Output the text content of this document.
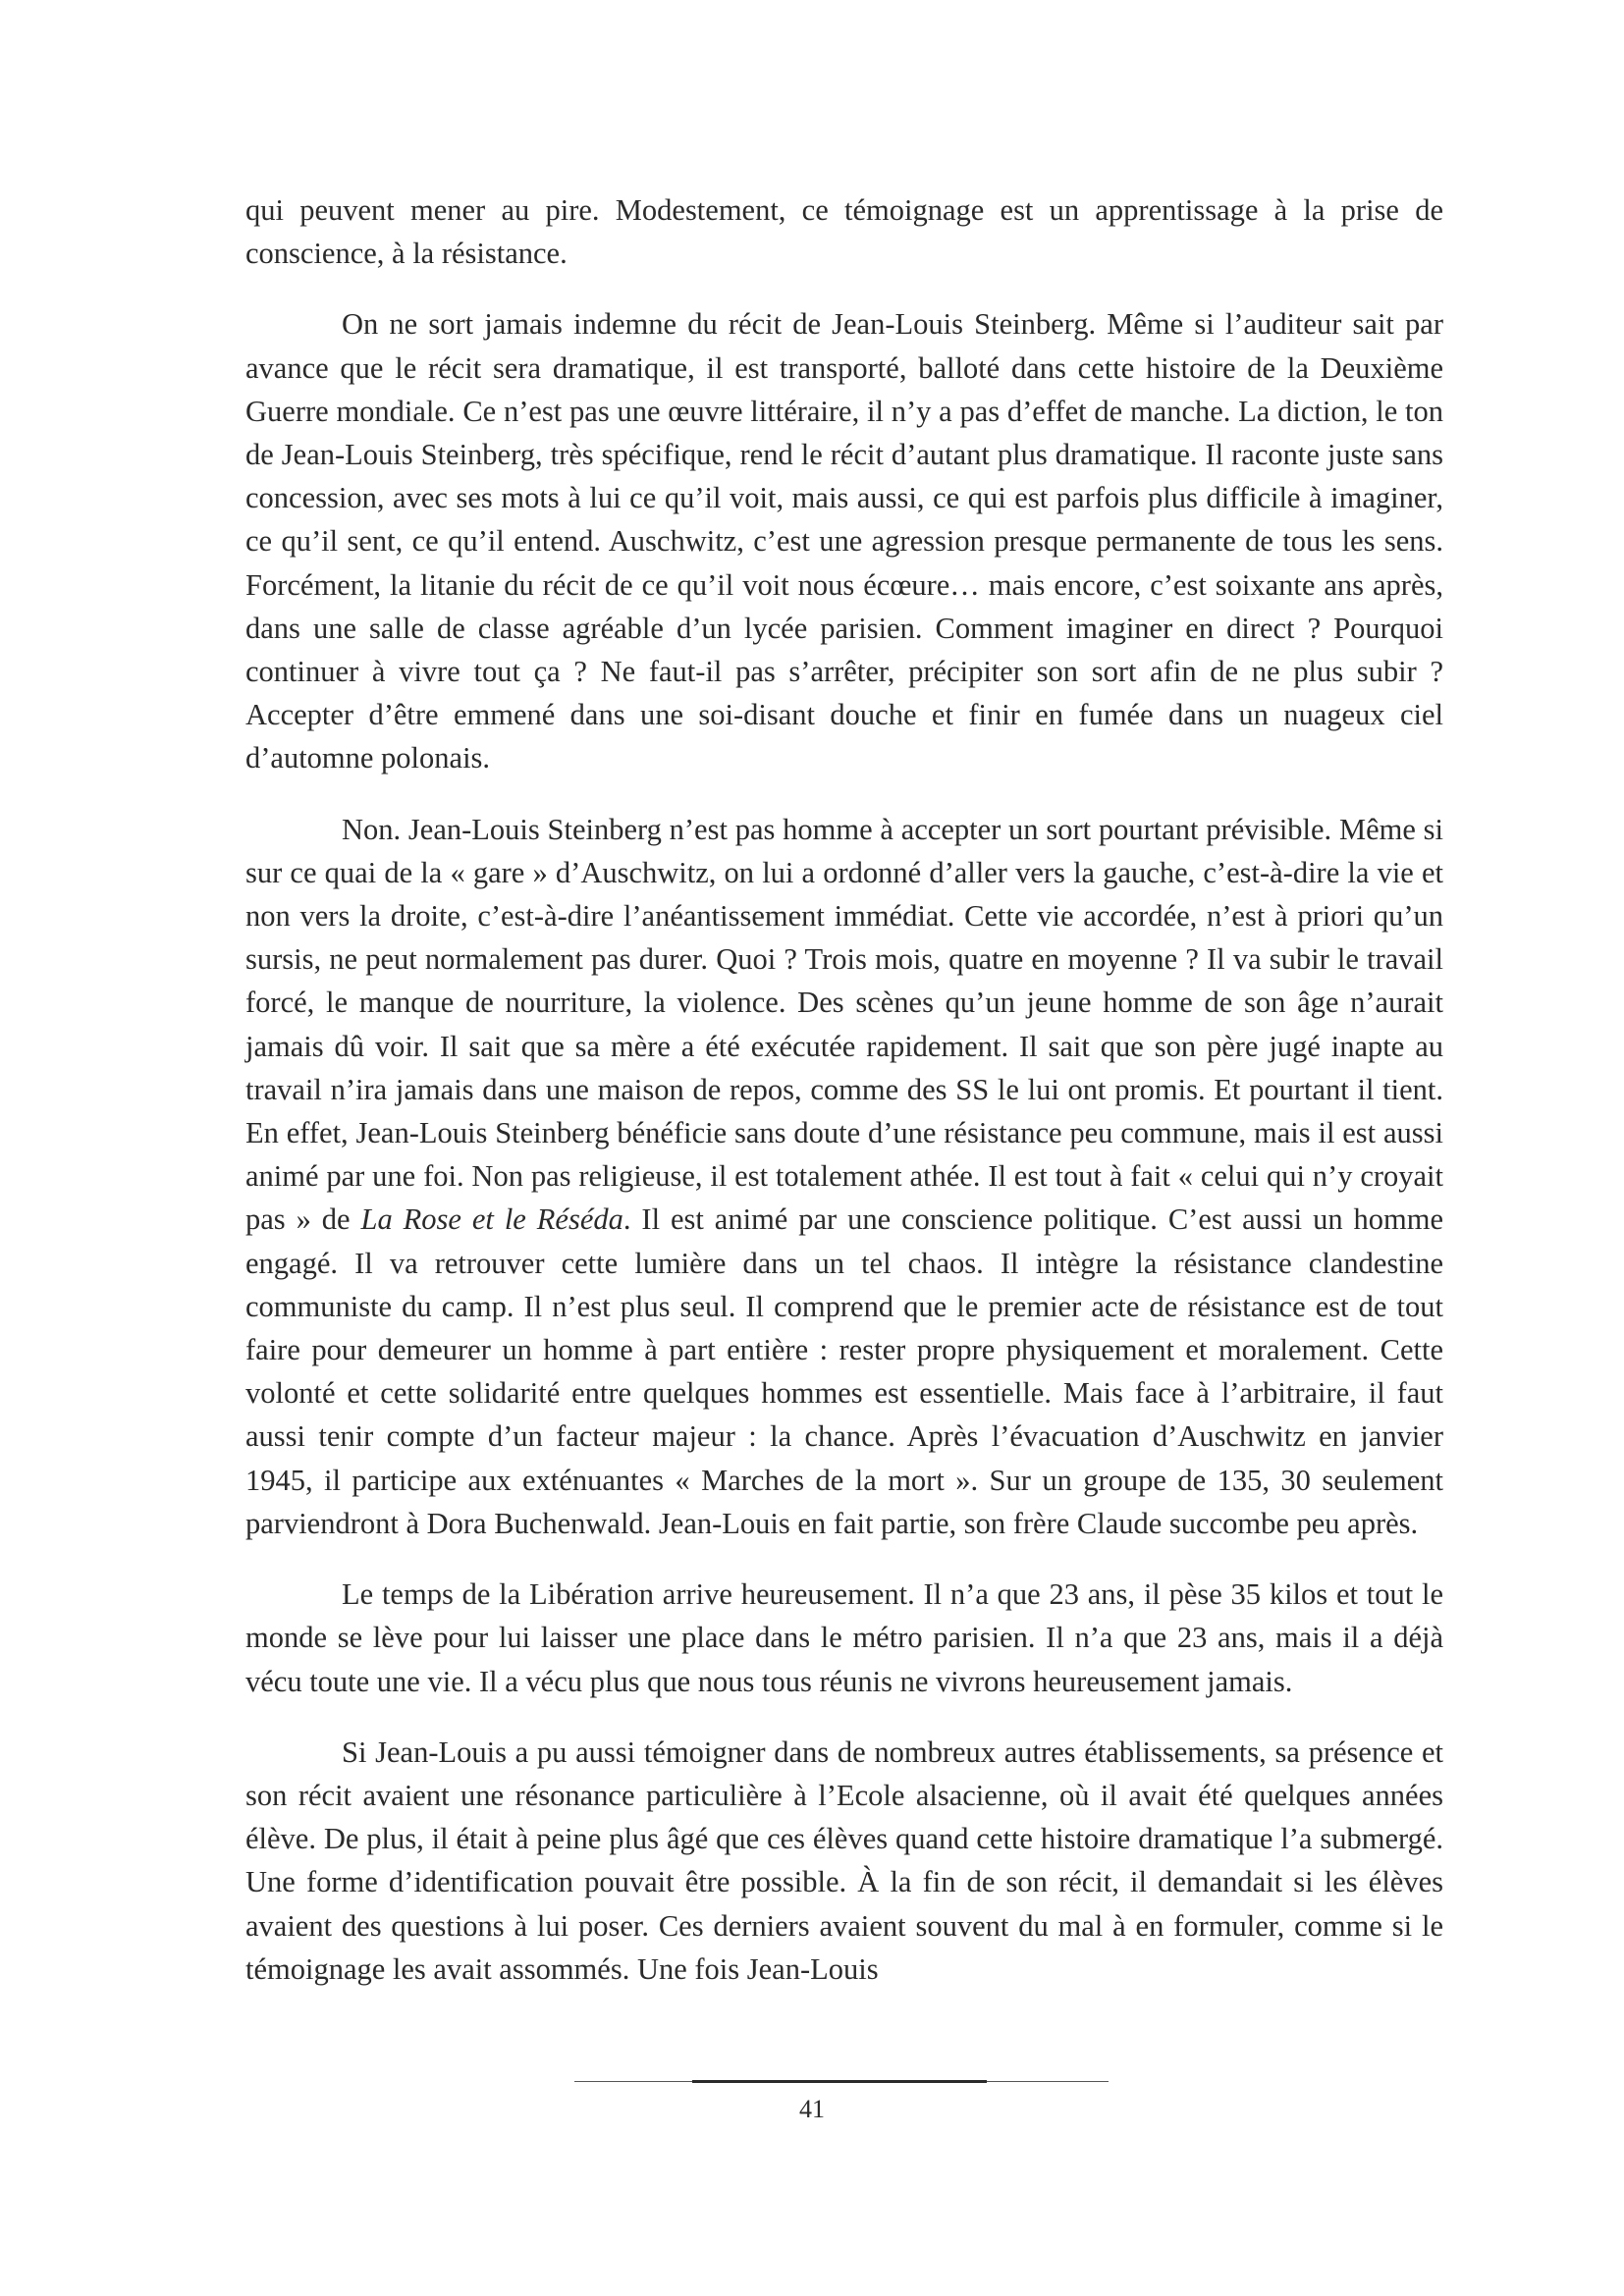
qui peuvent mener au pire. Modestement, ce témoignage est un apprentissage à la prise de conscience, à la résistance.

On ne sort jamais indemne du récit de Jean-Louis Steinberg. Même si l’auditeur sait par avance que le récit sera dramatique, il est transporté, balloté dans cette histoire de la Deuxième Guerre mondiale. Ce n’est pas une œuvre littéraire, il n’y a pas d’effet de manche. La diction, le ton de Jean-Louis Steinberg, très spécifique, rend le récit d’autant plus dramatique. Il raconte juste sans concession, avec ses mots à lui ce qu’il voit, mais aussi, ce qui est parfois plus difficile à imaginer, ce qu’il sent, ce qu’il entend. Auschwitz, c’est une agression presque permanente de tous les sens. Forcément, la litanie du récit de ce qu’il voit nous écœure… mais encore, c’est soixante ans après, dans une salle de classe agréable d’un lycée parisien. Comment imaginer en direct ? Pourquoi continuer à vivre tout ça ? Ne faut-il pas s’arrêter, précipiter son sort afin de ne plus subir ? Accepter d’être emmené dans une soi-disant douche et finir en fumée dans un nuageux ciel d’automne polonais.

Non. Jean-Louis Steinberg n’est pas homme à accepter un sort pourtant prévisible. Même si sur ce quai de la « gare » d’Auschwitz, on lui a ordonné d’aller vers la gauche, c’est-à-dire la vie et non vers la droite, c’est-à-dire l’anéantissement immédiat. Cette vie accordée, n’est à priori qu’un sursis, ne peut normalement pas durer. Quoi ? Trois mois, quatre en moyenne ? Il va subir le travail forcé, le manque de nourriture, la violence. Des scènes qu’un jeune homme de son âge n’aurait jamais dû voir. Il sait que sa mère a été exécutée rapidement. Il sait que son père jugé inapte au travail n’ira jamais dans une maison de repos, comme des SS le lui ont promis. Et pourtant il tient. En effet, Jean-Louis Steinberg bénéficie sans doute d’une résistance peu commune, mais il est aussi animé par une foi. Non pas religieuse, il est totalement athée. Il est tout à fait « celui qui n’y croyait pas » de La Rose et le Réséda. Il est animé par une conscience politique. C’est aussi un homme engagé. Il va retrouver cette lumière dans un tel chaos. Il intègre la résistance clandestine communiste du camp. Il n’est plus seul. Il comprend que le premier acte de résistance est de tout faire pour demeurer un homme à part entière : rester propre physiquement et moralement. Cette volonté et cette solidarité entre quelques hommes est essentielle. Mais face à l’arbitraire, il faut aussi tenir compte d’un facteur majeur : la chance. Après l’évacuation d’Auschwitz en janvier 1945, il participe aux exténuantes « Marches de la mort ». Sur un groupe de 135, 30 seulement parviendront à Dora Buchenwald. Jean-Louis en fait partie, son frère Claude succombe peu après.

Le temps de la Libération arrive heureusement. Il n’a que 23 ans, il pèse 35 kilos et tout le monde se lève pour lui laisser une place dans le métro parisien. Il n’a que 23 ans, mais il a déjà vécu toute une vie. Il a vécu plus que nous tous réunis ne vivrons heureusement jamais.

Si Jean-Louis a pu aussi témoigner dans de nombreux autres établissements, sa présence et son récit avaient une résonance particulière à l’Ecole alsacienne, où il avait été quelques années élève. De plus, il était à peine plus âgé que ces élèves quand cette histoire dramatique l’a submergé. Une forme d’identification pouvait être possible. À la fin de son récit, il demandait si les élèves avaient des questions à lui poser. Ces derniers avaient souvent du mal à en formuler, comme si le témoignage les avait assommés. Une fois Jean-Louis

41
